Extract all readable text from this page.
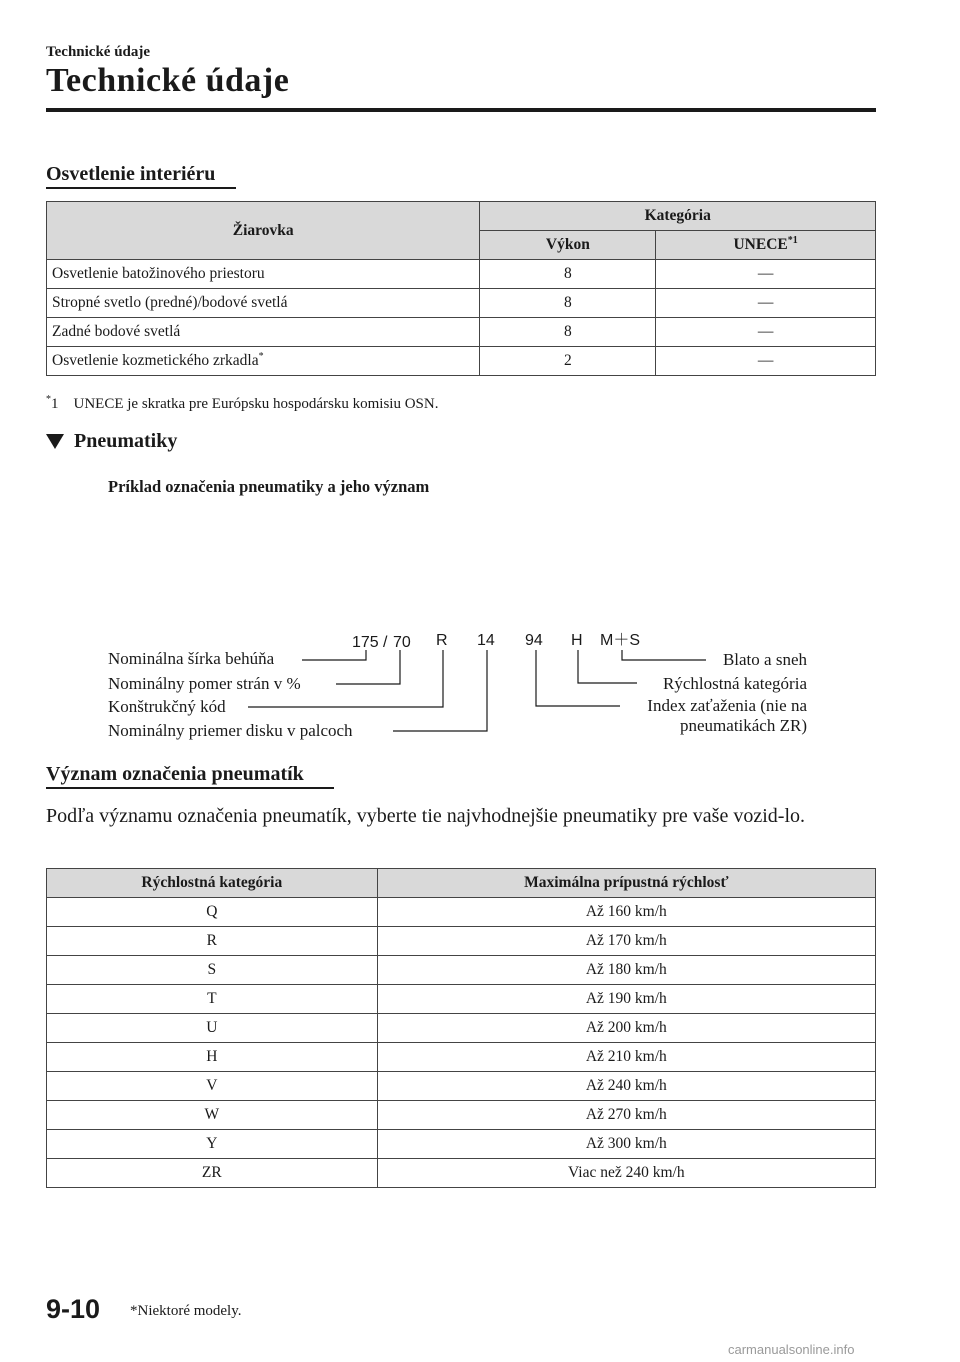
Technické údaje
Technické údaje
Osvetlenie interiéru
Žiarovka	Kategória	
	Výkon	UNECE$^{*1}$
Osvetlenie batožinového priestoru	8	—
Stropné svetlo (predné)/bodové svetlá	8	—
Zadné bodové svetlá	8	—
Osvetlenie kozmetického zrkadla*	2	—
*1 UNECE je skratka pre Európsku hospodársku komisiu OSN.
Pneumatiky
Príklad označenia pneumatiky a jeho význam
175 / 70 R 14 94 H M＋S
Nominálna šírka behúňa
Nominálny pomer strán v %
Konštrukčný kód
Nominálny priemer disku v palcoch
Blato a sneh
Rýchlostná kategória
Index zaťaženia (nie na
pneumatikách ZR)
Význam označenia pneumatík
Podľa významu označenia pneumatík, vyberte tie najvhodnejšie pneumatiky pre vaše vozid-lo.
Rýchlostná kategória	Maximálna prípustná rýchlosť
Q	Až 160 km/h
R	Až 170 km/h
S	Až 180 km/h
T	Až 190 km/h
U	Až 200 km/h
H	Až 210 km/h
V	Až 240 km/h
W	Až 270 km/h
Y	Až 300 km/h
ZR	Viac než 240 km/h
9-10 *Niektoré modely.
carmanualsonline.info
